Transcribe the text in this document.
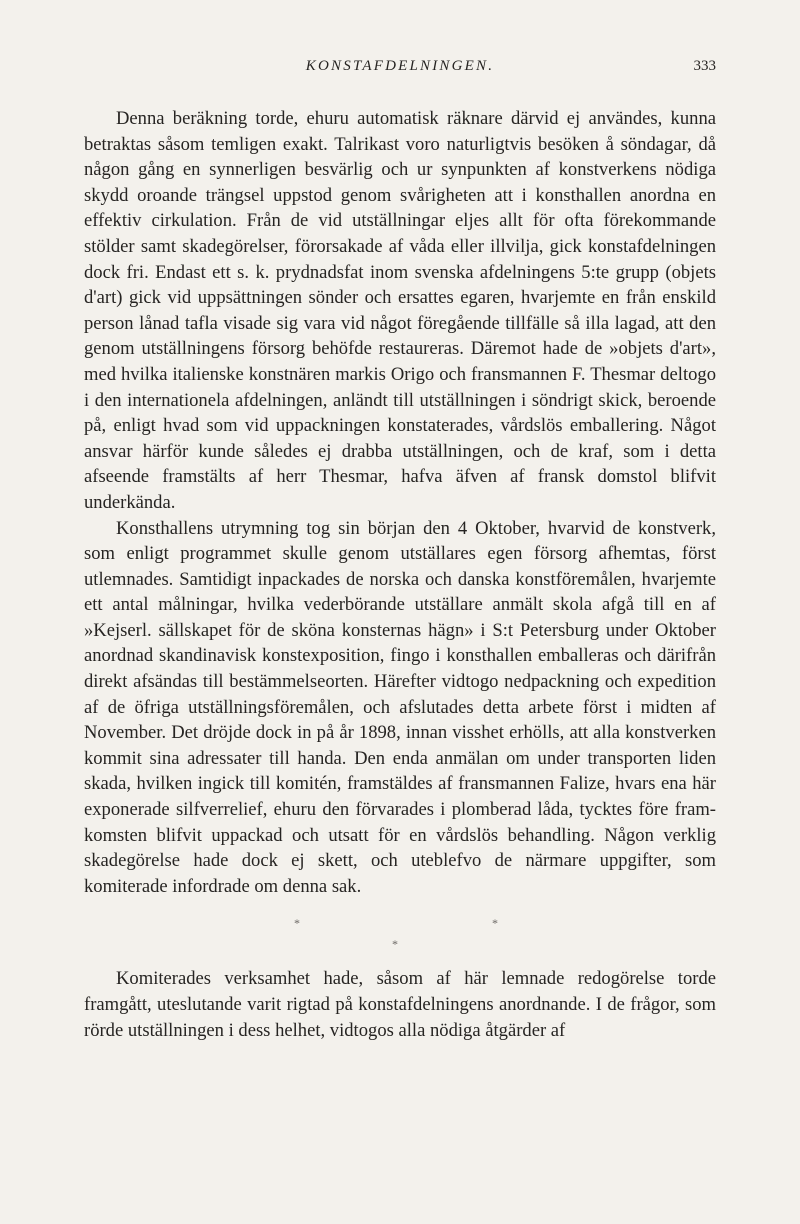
KONSTAFDELNINGEN.	333

Denna beräkning torde, ehuru automatisk räknare därvid ej användes, kunna betraktas såsom temligen exakt. Talrikast voro naturligtvis besöken å söndagar, då någon gång en synnerligen besvärlig och ur synpunkten af konstverkens nödiga skydd oroande trängsel uppstod genom svårigheten att i konsthallen anordna en effektiv cirkulation. Från de vid utställningar eljes allt för ofta förekommande stölder samt skadegörelser, förorsakade af våda eller illvilja, gick konstafdelningen dock fri. Endast ett s. k. prydnadsfat inom svenska afdelningens 5:te grupp (objets d'art) gick vid uppsättningen sönder och ersattes egaren, hvarjemte en från enskild person lånad tafla visade sig vara vid något föregående tillfälle så illa lagad, att den genom utställningens försorg behöfde restaureras. Däremot hade de »objets d'art», med hvilka italienske konstnären markis Origo och fransmannen F. Thesmar deltogo i den internationela afdelningen, anländt till utställningen i söndrigt skick, beroende på, enligt hvad som vid uppackningen konstaterades, vårdslös emballering. Något ansvar härför kunde således ej drabba utställningen, och de kraf, som i detta afseende framstälts af herr Thesmar, hafva äfven af fransk domstol blifvit underkända.

Konsthallens utrymning tog sin början den 4 Oktober, hvarvid de konstverk, som enligt programmet skulle genom utställares egen försorg afhemtas, först utlemnades. Samtidigt inpackades de norska och danska konstföremålen, hvarjemte ett antal målningar, hvilka vederbörande utställare anmält skola afgå till en af »Kejserl. sällskapet för de sköna konsternas hägn» i S:t Petersburg under Oktober anordnad skandinavisk konstexposition, fingo i konsthallen emballeras och därifrån direkt afsändas till bestämmelseorten. Härefter vidtogo nedpackning och expedition af de öfriga utställningsföremålen, och afslutades detta arbete först i midten af November. Det dröjde dock in på år 1898, innan visshet erhölls, att alla konstverken kommit sina adressater till handa. Den enda anmälan om under transporten liden skada, hvilken ingick till komitén, framstäldes af fransmannen Falize, hvars ena här exponerade silfverrelief, ehuru den förvarades i plomberad låda, tycktes före framkomsten blifvit uppackad och utsatt för en vårdslös behandling. Någon verklig skadegörelse hade dock ej skett, och uteblefvo de närmare uppgifter, som komiterade infordrade om denna sak.

*	*
*

Komiterades verksamhet hade, såsom af här lemnade redogörelse torde framgått, uteslutande varit rigtad på konstafdelningens anordnande. I de frågor, som rörde utställningen i dess helhet, vidtogos alla nödiga åtgärder af
